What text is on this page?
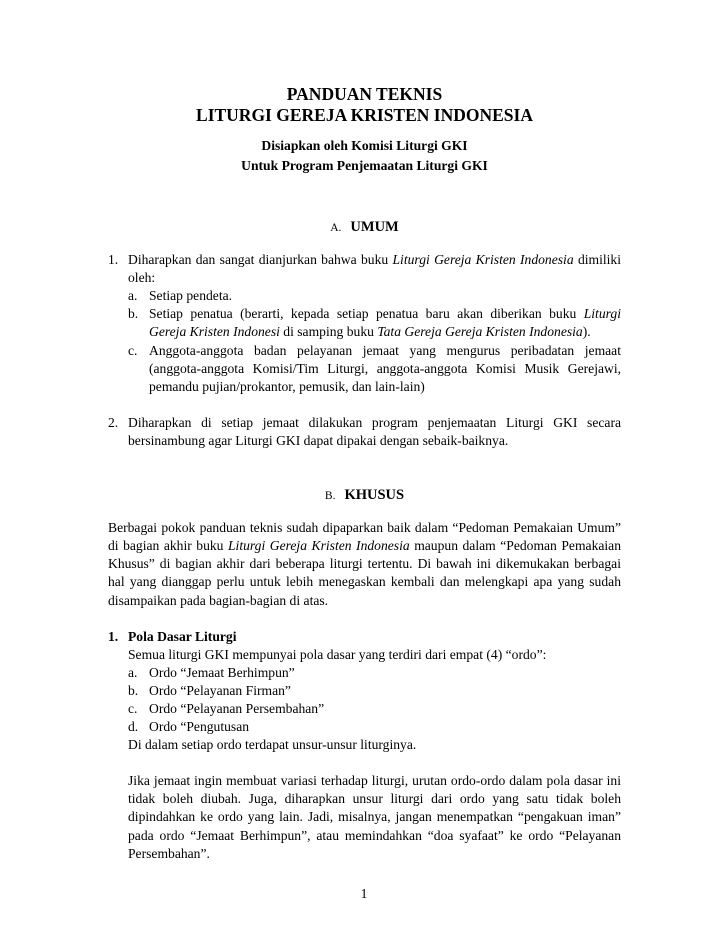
PANDUAN TEKNIS

LITURGI GEREJA KRISTEN INDONESIA

Disiapkan oleh Komisi Liturgi GKI

Untuk Program Penjemaatan Liturgi GKI

A. UMUM

1. Diharapkan dan sangat dianjurkan bahwa buku Liturgi Gereja Kristen Indonesia dimiliki oleh:

a. Setiap pendeta.

b. Setiap penatua (berarti, kepada setiap penatua baru akan diberikan buku Liturgi Gereja Kristen Indonesi di samping buku Tata Gereja Gereja Kristen Indonesia).

c. Anggota-anggota badan pelayanan jemaat yang mengurus peribadatan jemaat (anggota-anggota Komisi/Tim Liturgi, anggota-anggota Komisi Musik Gerejawi, pemandu pujian/prokantor, pemusik, dan lain-lain)

2. Diharapkan di setiap jemaat dilakukan program penjemaatan Liturgi GKI secara bersinambung agar Liturgi GKI dapat dipakai dengan sebaik-baiknya.

B. KHUSUS

Berbagai pokok panduan teknis sudah dipaparkan baik dalam “Pedoman Pemakaian Umum” di bagian akhir buku Liturgi Gereja Kristen Indonesia maupun dalam “Pedoman Pemakaian Khusus” di bagian akhir dari beberapa liturgi tertentu. Di bawah ini dikemukakan berbagai hal yang dianggap perlu untuk lebih menegaskan kembali dan melengkapi apa yang sudah disampaikan pada bagian-bagian di atas.

1. Pola Dasar Liturgi

Semua liturgi GKI mempunyai pola dasar yang terdiri dari empat (4) “ordo”:

a. Ordo “Jemaat Berhimpun”

b. Ordo “Pelayanan Firman”

c. Ordo “Pelayanan Persembahan”

d. Ordo “Pengutusan

Di dalam setiap ordo terdapat unsur-unsur liturginya.

Jika jemaat ingin membuat variasi terhadap liturgi, urutan ordo-ordo dalam pola dasar ini tidak boleh diubah. Juga, diharapkan unsur liturgi dari ordo yang satu tidak boleh dipindahkan ke ordo yang lain. Jadi, misalnya, jangan menempatkan “pengakuan iman” pada ordo “Jemaat Berhimpun”, atau memindahkan “doa syafaat” ke ordo “Pelayanan Persembahan”.

1
